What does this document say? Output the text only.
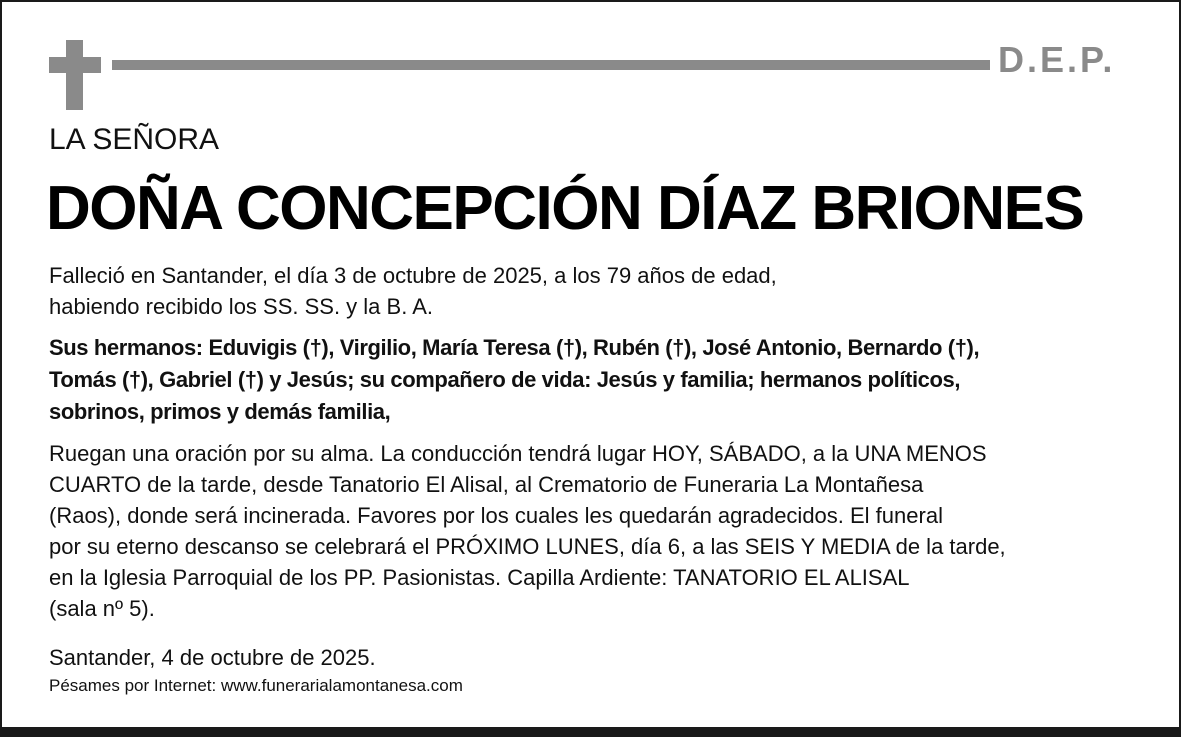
D.E.P.
LA SEÑORA
DOÑA CONCEPCIÓN DÍAZ BRIONES
Falleció en Santander, el día 3 de octubre de 2025, a los 79 años de edad,
habiendo recibido los SS. SS. y la B. A.
Sus hermanos: Eduvigis (†), Virgilio, María Teresa (†), Rubén (†), José Antonio, Bernardo (†),
Tomás (†), Gabriel (†) y Jesús; su compañero de vida: Jesús y familia; hermanos políticos,
sobrinos, primos y demás familia,
Ruegan una oración por su alma. La conducción tendrá lugar HOY, SÁBADO, a la UNA MENOS
CUARTO de la tarde, desde Tanatorio El Alisal, al Crematorio de Funeraria La Montañesa
(Raos), donde será incinerada. Favores por los cuales les quedarán agradecidos. El funeral
por su eterno descanso se celebrará el PRÓXIMO LUNES, día 6, a las SEIS Y MEDIA de la tarde,
en la Iglesia Parroquial de los PP. Pasionistas. Capilla Ardiente: TANATORIO EL ALISAL
(sala nº 5).
Santander, 4 de octubre de 2025.
Pésames por Internet: www.funerarialamontanesa.com
